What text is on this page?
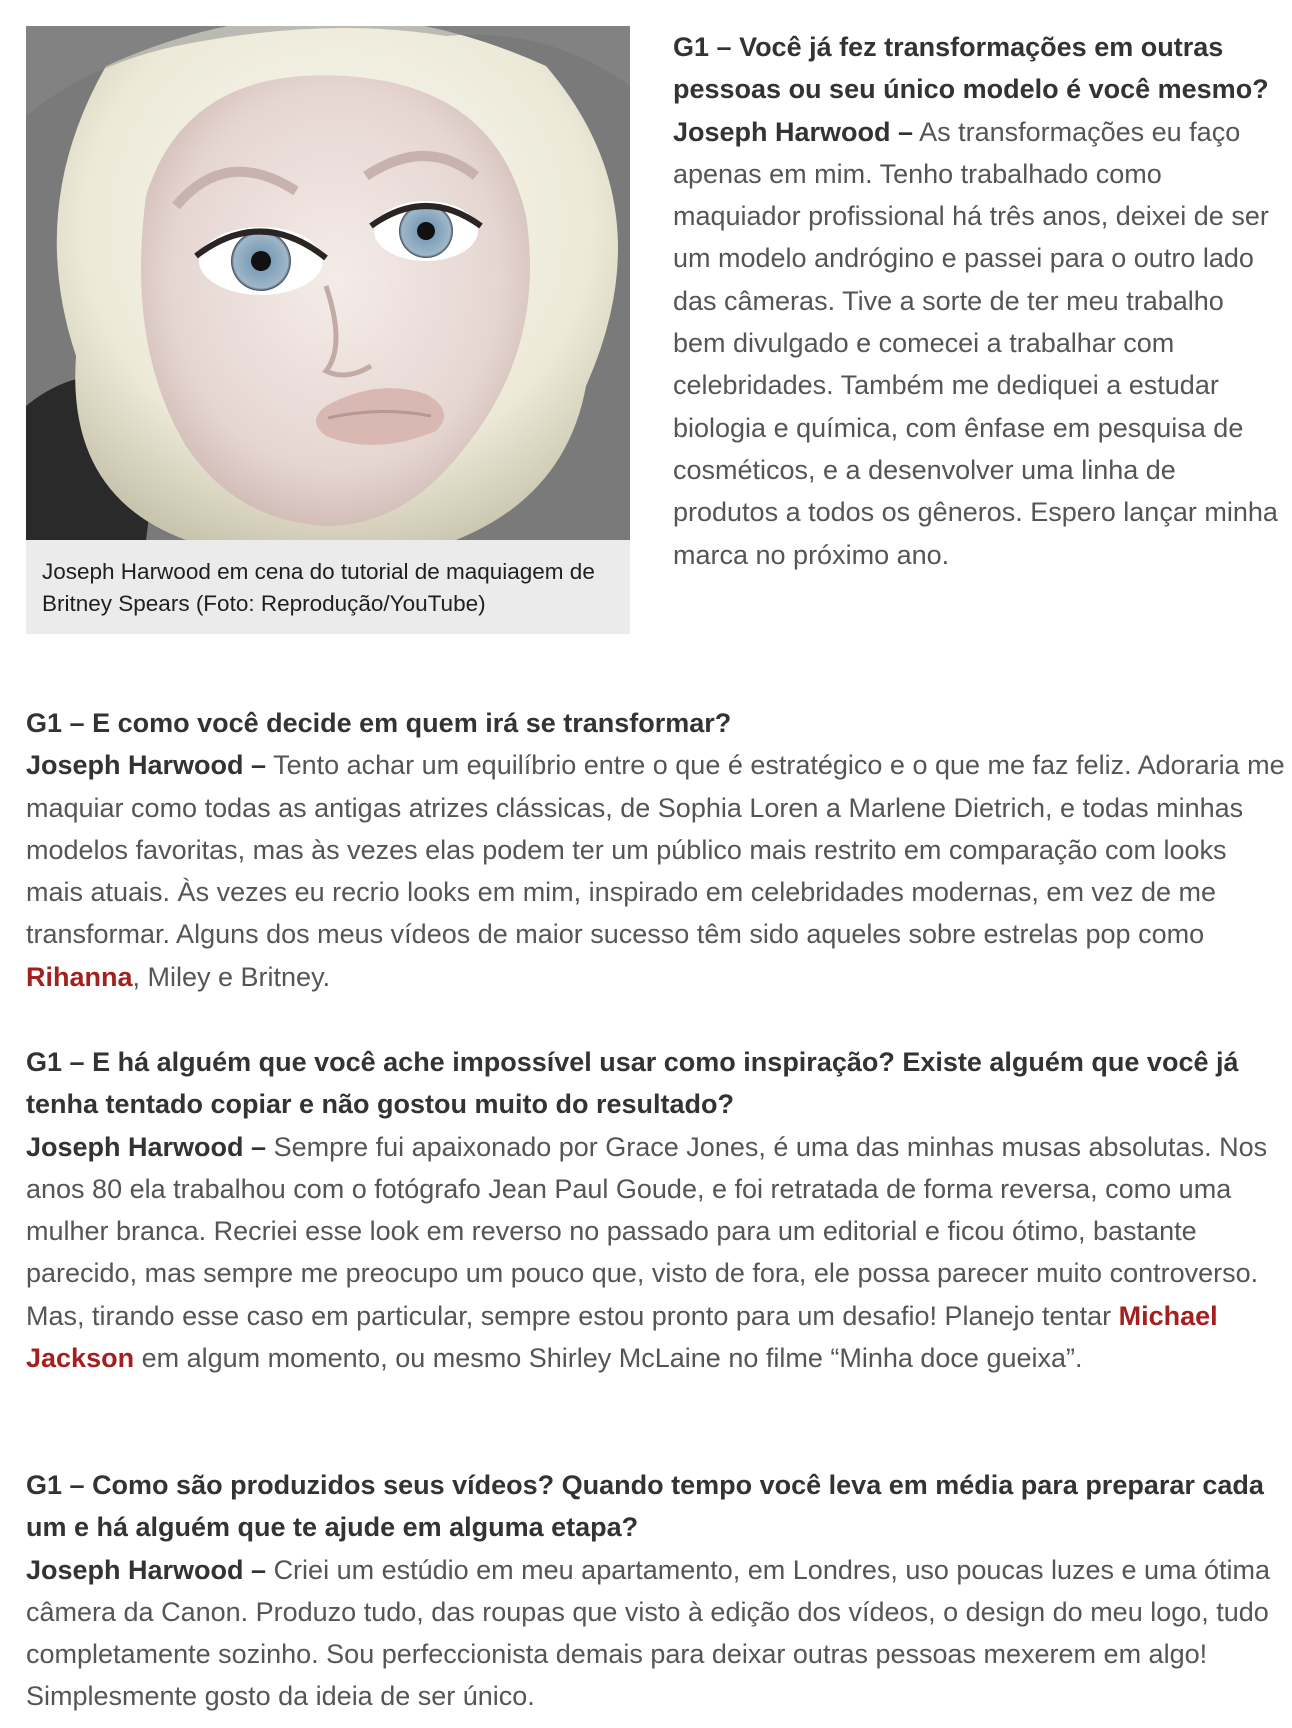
Joseph Harwood em cena do tutorial de maquiagem de Britney Spears (Foto: Reprodução/YouTube)

G1 – Você já fez transformações em outras pessoas ou seu único modelo é você mesmo?

Joseph Harwood – As transformações eu faço apenas em mim. Tenho trabalhado como maquiador profissional há três anos, deixei de ser um modelo andrógino e passei para o outro lado das câmeras. Tive a sorte de ter meu trabalho bem divulgado e comecei a trabalhar com celebridades. Também me dediquei a estudar biologia e química, com ênfase em pesquisa de cosméticos, e a desenvolver uma linha de produtos a todos os gêneros. Espero lançar minha marca no próximo ano.

G1 – E como você decide em quem irá se transformar?

Joseph Harwood – Tento achar um equilíbrio entre o que é estratégico e o que me faz feliz. Adoraria me maquiar como todas as antigas atrizes clássicas, de Sophia Loren a Marlene Dietrich, e todas minhas modelos favoritas, mas às vezes elas podem ter um público mais restrito em comparação com looks mais atuais. Às vezes eu recrio looks em mim, inspirado em celebridades modernas, em vez de me transformar. Alguns dos meus vídeos de maior sucesso têm sido aqueles sobre estrelas pop como Rihanna, Miley e Britney.

G1 – E há alguém que você ache impossível usar como inspiração? Existe alguém que você já tenha tentado copiar e não gostou muito do resultado?

Joseph Harwood – Sempre fui apaixonado por Grace Jones, é uma das minhas musas absolutas. Nos anos 80 ela trabalhou com o fotógrafo Jean Paul Goude, e foi retratada de forma reversa, como uma mulher branca. Recriei esse look em reverso no passado para um editorial e ficou ótimo, bastante parecido, mas sempre me preocupo um pouco que, visto de fora, ele possa parecer muito controverso. Mas, tirando esse caso em particular, sempre estou pronto para um desafio! Planejo tentar Michael Jackson em algum momento, ou mesmo Shirley McLaine no filme “Minha doce gueixa”.

G1 – Como são produzidos seus vídeos? Quando tempo você leva em média para preparar cada um e há alguém que te ajude em alguma etapa?

Joseph Harwood – Criei um estúdio em meu apartamento, em Londres, uso poucas luzes e uma ótima câmera da Canon. Produzo tudo, das roupas que visto à edição dos vídeos, o design do meu logo, tudo completamente sozinho. Sou perfeccionista demais para deixar outras pessoas mexerem em algo! Simplesmente gosto da ideia de ser único.
